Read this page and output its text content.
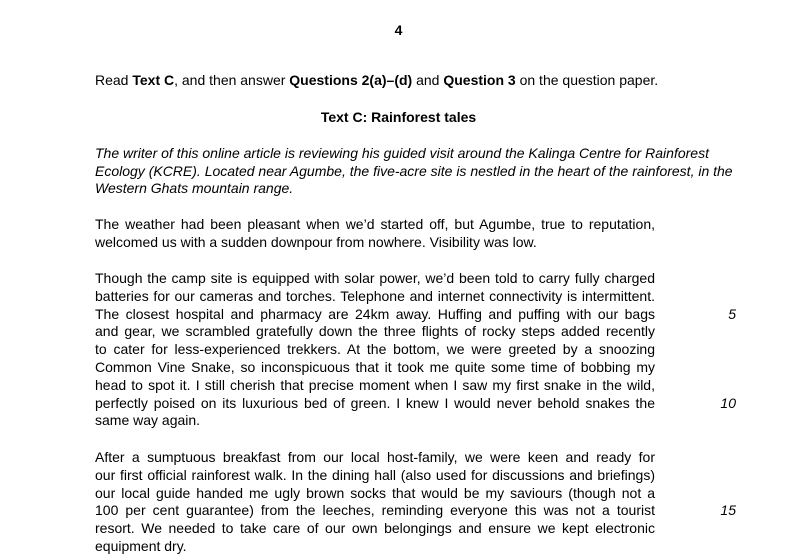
4
Read Text C, and then answer Questions 2(a)–(d) and Question 3 on the question paper.
Text C: Rainforest tales
The writer of this online article is reviewing his guided visit around the Kalinga Centre for Rainforest Ecology (KCRE). Located near Agumbe, the five-acre site is nestled in the heart of the rainforest, in the Western Ghats mountain range.
The weather had been pleasant when we’d started off, but Agumbe, true to reputation,
welcomed us with a sudden downpour from nowhere. Visibility was low.
Though the camp site is equipped with solar power, we’d been told to carry fully charged
batteries for our cameras and torches. Telephone and internet connectivity is intermittent.
The closest hospital and pharmacy are 24km away. Huffing and puffing with our bags
and gear, we scrambled gratefully down the three flights of rocky steps added recently
to cater for less-experienced trekkers. At the bottom, we were greeted by a snoozing
Common Vine Snake, so inconspicuous that it took me quite some time of bobbing my
head to spot it. I still cherish that precise moment when I saw my first snake in the wild,
perfectly poised on its luxurious bed of green. I knew I would never behold snakes the
same way again.
After a sumptuous breakfast from our local host-family, we were keen and ready for
our first official rainforest walk. In the dining hall (also used for discussions and briefings)
our local guide handed me ugly brown socks that would be my saviours (though not a
100 per cent guarantee) from the leeches, reminding everyone this was not a tourist
resort. We needed to take care of our own belongings and ensure we kept electronic
equipment dry.
5
10
15
